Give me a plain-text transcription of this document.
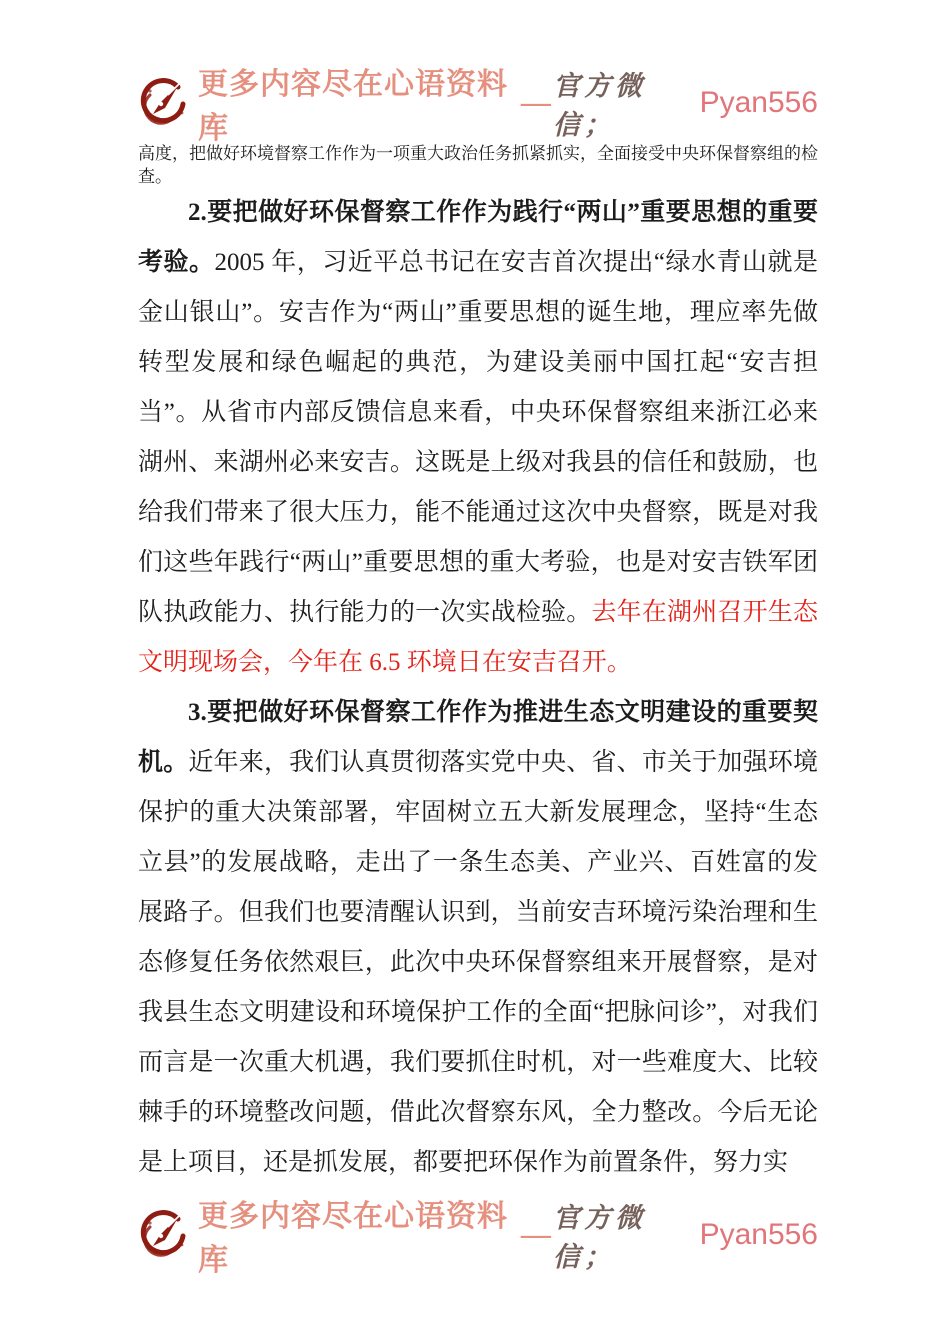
更多内容尽在心语资料库
— 官方微信；
Pyan556

高度，把做好环境督察工作作为一项重大政治任务抓紧抓实，全面接受中央环保督察组的检查。

2.要把做好环保督察工作作为践行“两山”重要思想的重要考验。2005 年，习近平总书记在安吉首次提出“绿水青山就是金山银山”。安吉作为“两山”重要思想的诞生地，理应率先做转型发展和绿色崛起的典范，为建设美丽中国扛起“安吉担当”。从省市内部反馈信息来看，中央环保督察组来浙江必来湖州、来湖州必来安吉。这既是上级对我县的信任和鼓励，也给我们带来了很大压力，能不能通过这次中央督察，既是对我们这些年践行“两山”重要思想的重大考验，也是对安吉铁军团队执政能力、执行能力的一次实战检验。去年在湖州召开生态文明现场会，今年在 6.5 环境日在安吉召开。

3.要把做好环保督察工作作为推进生态文明建设的重要契机。近年来，我们认真贯彻落实党中央、省、市关于加强环境保护的重大决策部署，牢固树立五大新发展理念，坚持“生态立县”的发展战略，走出了一条生态美、产业兴、百姓富的发展路子。但我们也要清醒认识到，当前安吉环境污染治理和生态修复任务依然艰巨，此次中央环保督察组来开展督察，是对我县生态文明建设和环境保护工作的全面“把脉问诊”，对我们而言是一次重大机遇，我们要抓住时机，对一些难度大、比较棘手的环境整改问题，借此次督察东风，全力整改。今后无论是上项目，还是抓发展，都要把环保作为前置条件，努力实

更多内容尽在心语资料库
— 官方微信；
Pyan556
